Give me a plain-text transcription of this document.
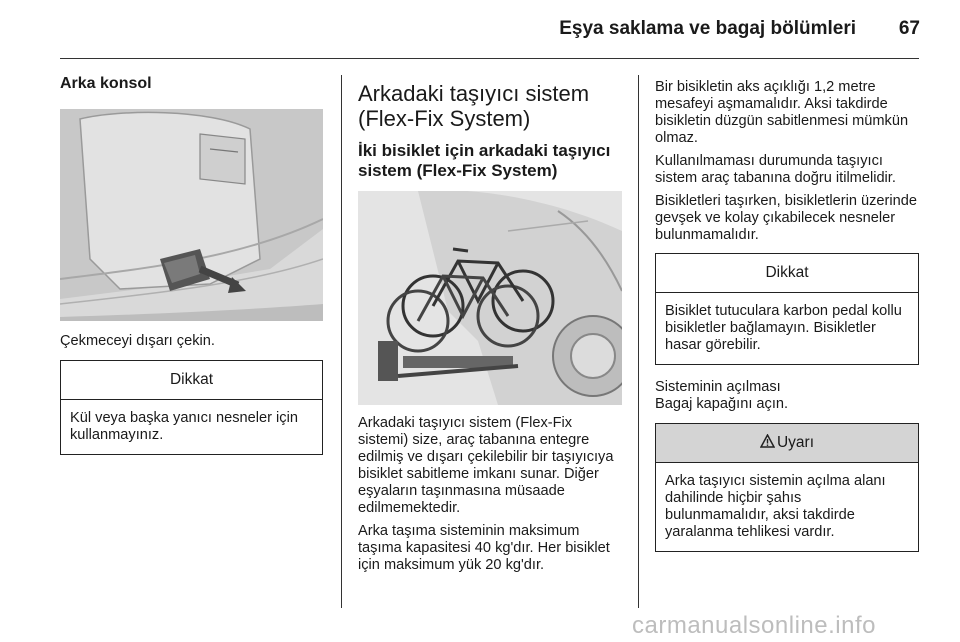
Eşya saklama ve bagaj bölümleri 67
Arka konsol

Çekmeceyi dışarı çekin.

Dikkat
Kül veya başka yanıcı nesneler için kullanmayınız.
Arkadaki taşıyıcı sistem (Flex-Fix System)
İki bisiklet için arkadaki taşıyıcı sistem (Flex-Fix System)

Arkadaki taşıyıcı sistem (Flex-Fix sistemi) size, araç tabanına entegre edilmiş ve dışarı çekilebilir bir taşıyıcıya bisiklet sabitleme imkanı sunar. Diğer eşyaların taşınmasına müsaade edilmemektedir.

Arka taşıma sisteminin maksimum taşıma kapasitesi 40 kg'dır. Her bisiklet için maksimum yük 20 kg'dır.

Bir bisikletin aks açıklığı 1,2 metre mesafeyi aşmamalıdır. Aksi takdirde bisikletin düzgün sabitlenmesi mümkün olmaz.

Kullanılmaması durumunda taşıyıcı sistem araç tabanına doğru itilmelidir.

Bisikletleri taşırken, bisikletlerin üzerinde gevşek ve kolay çıkabilecek nesneler bulunmamalıdır.

Dikkat
Bisiklet tutuculara karbon pedal kollu bisikletler bağlamayın. Bisikletler hasar görebilir.

Sisteminin açılması

Bagaj kapağını açın.

Uyarı
Arka taşıyıcı sistemin açılma alanı dahilinde hiçbir şahıs bulunmamalıdır, aksi takdirde yaralanma tehlikesi vardır.
carmanualsonline.info
